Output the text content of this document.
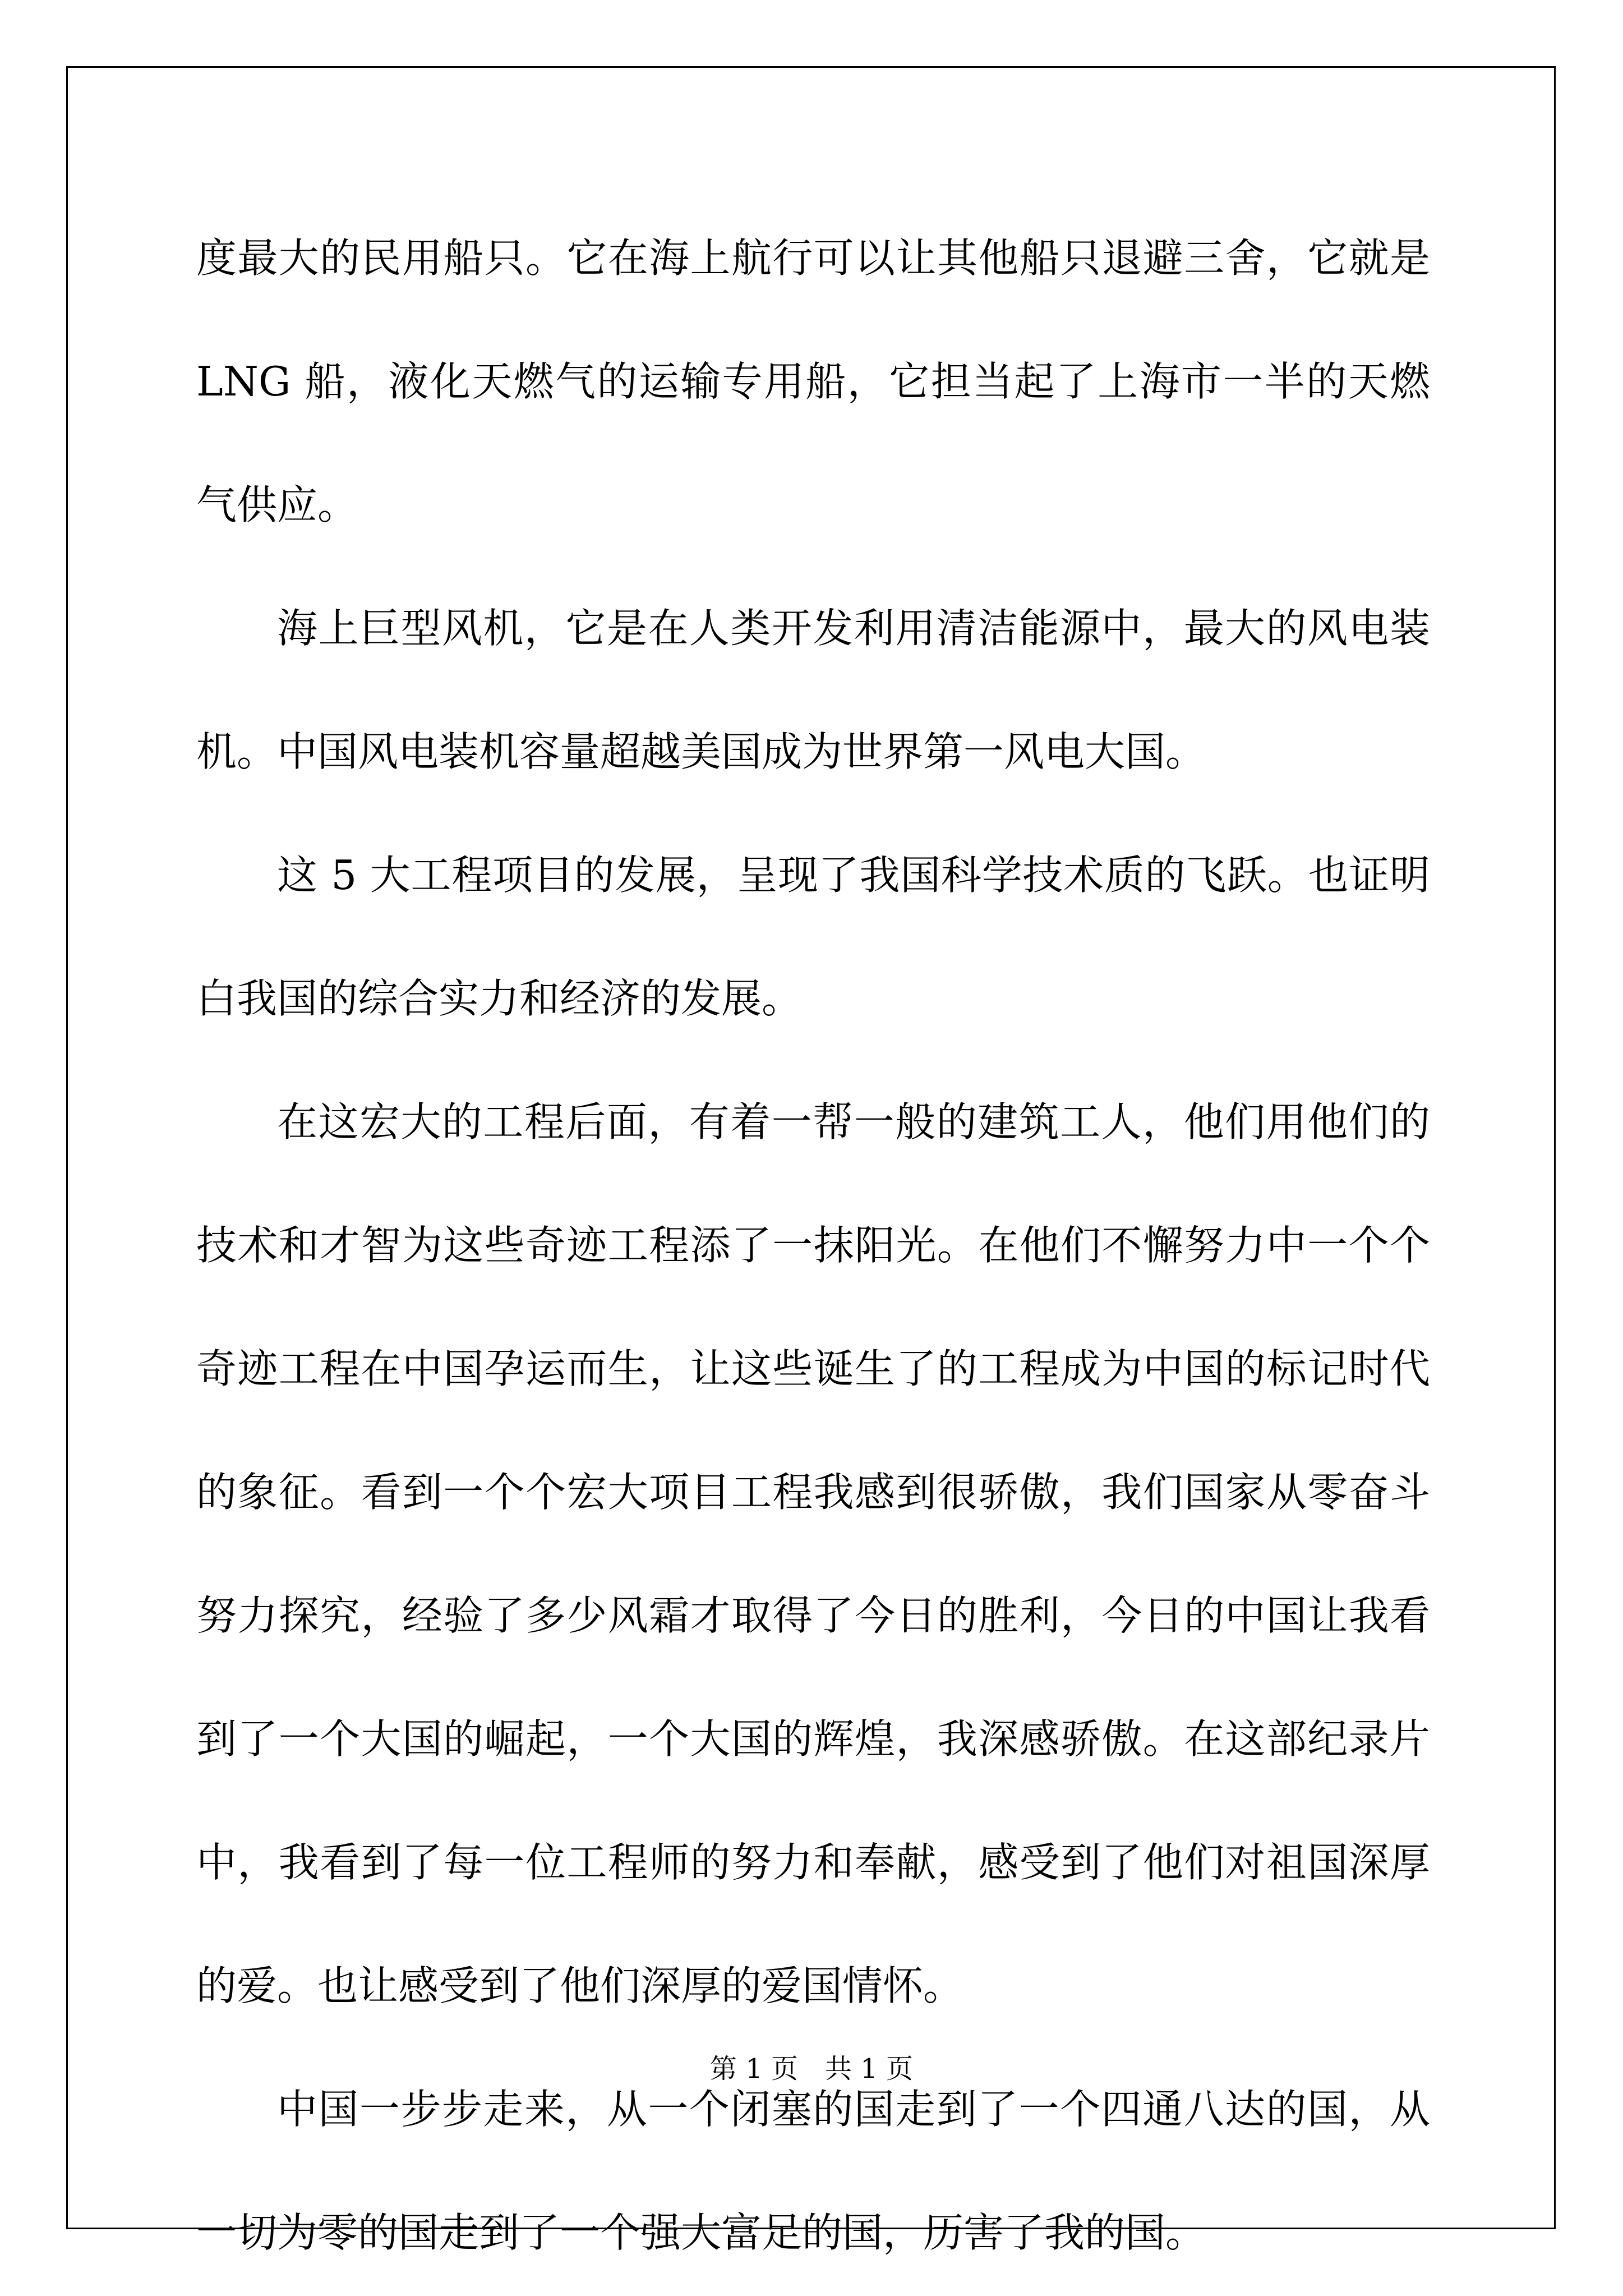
度最大的民用船只。它在海上航行可以让其他船只退避三舍，它就是LNG 船，液化天燃气的运输专用船，它担当起了上海市一半的天燃气供应。

海上巨型风机，它是在人类开发利用清洁能源中，最大的风电装机。中国风电装机容量超越美国成为世界第一风电大国。

这 5 大工程项目的发展，呈现了我国科学技术质的飞跃。也证明白我国的综合实力和经济的发展。

在这宏大的工程后面，有着一帮一般的建筑工人，他们用他们的技术和才智为这些奇迹工程添了一抹阳光。在他们不懈努力中一个个奇迹工程在中国孕运而生，让这些诞生了的工程成为中国的标记时代的象征。看到一个个宏大项目工程我感到很骄傲，我们国家从零奋斗努力探究，经验了多少风霜才取得了今日的胜利，今日的中国让我看到了一个大国的崛起，一个大国的辉煌，我深感骄傲。在这部纪录片中，我看到了每一位工程师的努力和奉献，感受到了他们对祖国深厚的爱。也让感受到了他们深厚的爱国情怀。

中国一步步走来，从一个闭塞的国走到了一个四通八达的国，从一切为零的国走到了一个强大富足的国，历害了我的国。

第 1 页 共 1 页
